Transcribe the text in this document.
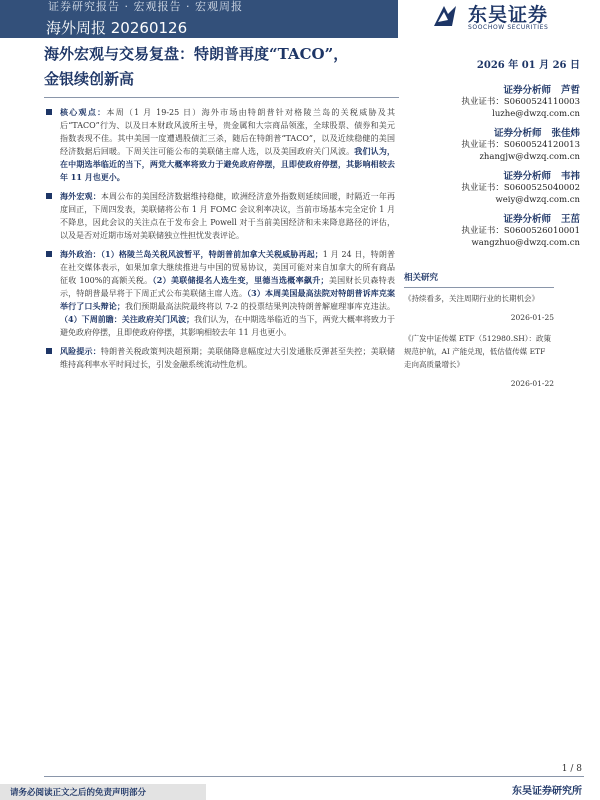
证券研究报告 · 宏观报告 · 宏观周报
海外周报 20260126
东吴证券
SOOCHOW SECURITIES
海外宏观与交易复盘：特朗普再度“TACO”，
金银续创新高
2026 年 01 月 26 日
证券分析师 芦哲
执业证书：S0600524110003
luzhe@dwzq.com.cn
证券分析师 张佳炜
执业证书：S0600524120013
zhangjw@dwzq.com.cn
证券分析师 韦祎
执业证书：S0600525040002
weiy@dwzq.com.cn
证券分析师 王茁
执业证书：S0600526010001
wangzhuo@dwzq.com.cn
核心观点：本周（1 月 19-25 日）海外市场由特朗普针对格陵兰岛的关税威胁及其后“TACO”行为、以及日本财政风波所主导，贵金属和大宗商品领涨，全球股票、债券和美元指数表现不佳。其中美国一度遭遇股债汇三杀，随后在特朗普“TACO”，以及近续稳健的美国经济数据后回暖。下周关注可能公布的美联储主席人选，以及美国政府关门风波。我们认为，在中期选举临近的当下，两党大概率将致力于避免政府停摆，且即使政府停摆，其影响相较去年 11 月也更小。
海外宏观：本周公布的美国经济数据维持稳健，欧洲经济意外指数则延续回暖，时隔近一年再度回正，下周四发表，美联储将公布 1 月 FOMC 会议利率决议，当前市场基本完全定价 1 月不降息，因此会议的关注点在于发布会上 Powell 对于当前美国经济和未来降息路径的评估，以及是否对近期市场对美联储独立性担忧发表评论。
海外政治：（1）格陵兰岛关税风波暂平，特朗普前加拿大关税威胁再起；1 月 24 日，特朗普在社交媒体表示，如果加拿大继续推进与中国的贸易协议，美国可能对来自加拿大的所有商品征收 100%的高额关税。（2）美联储提名人选生变，里德当选概率飙升；美国财长贝森特表示，特朗普最早将于下周正式公布美联储主席人选。（3）本周美国最高法院对特朗普诉库克案举行了口头辩论；我们预期最高法院最终将以 7-2 的投票结果判决特朗普解雇理事库克违法。（4）下周前瞻：关注政府关门风波；我们认为，在中期选举临近的当下，两党大概率将致力于避免政府停摆，且即使政府停摆，其影响相较去年 11 月也更小。
风险提示：特朗普关税政策判决超预期；美联储降息幅度过大引发通胀反弹甚至失控；美联储维持高利率水平时间过长，引发金融系统流动性危机。
相关研究
《持续看多，关注周期行业的长期机会》
2026-01-25
《广发中证传媒 ETF（512980.SH）：政策规范护航，AI 产能兑现，低估值传媒 ETF 走向高质量增长》
2026-01-22
1 / 8
东吴证券研究所
请务必阅读正文之后的免责声明部分
